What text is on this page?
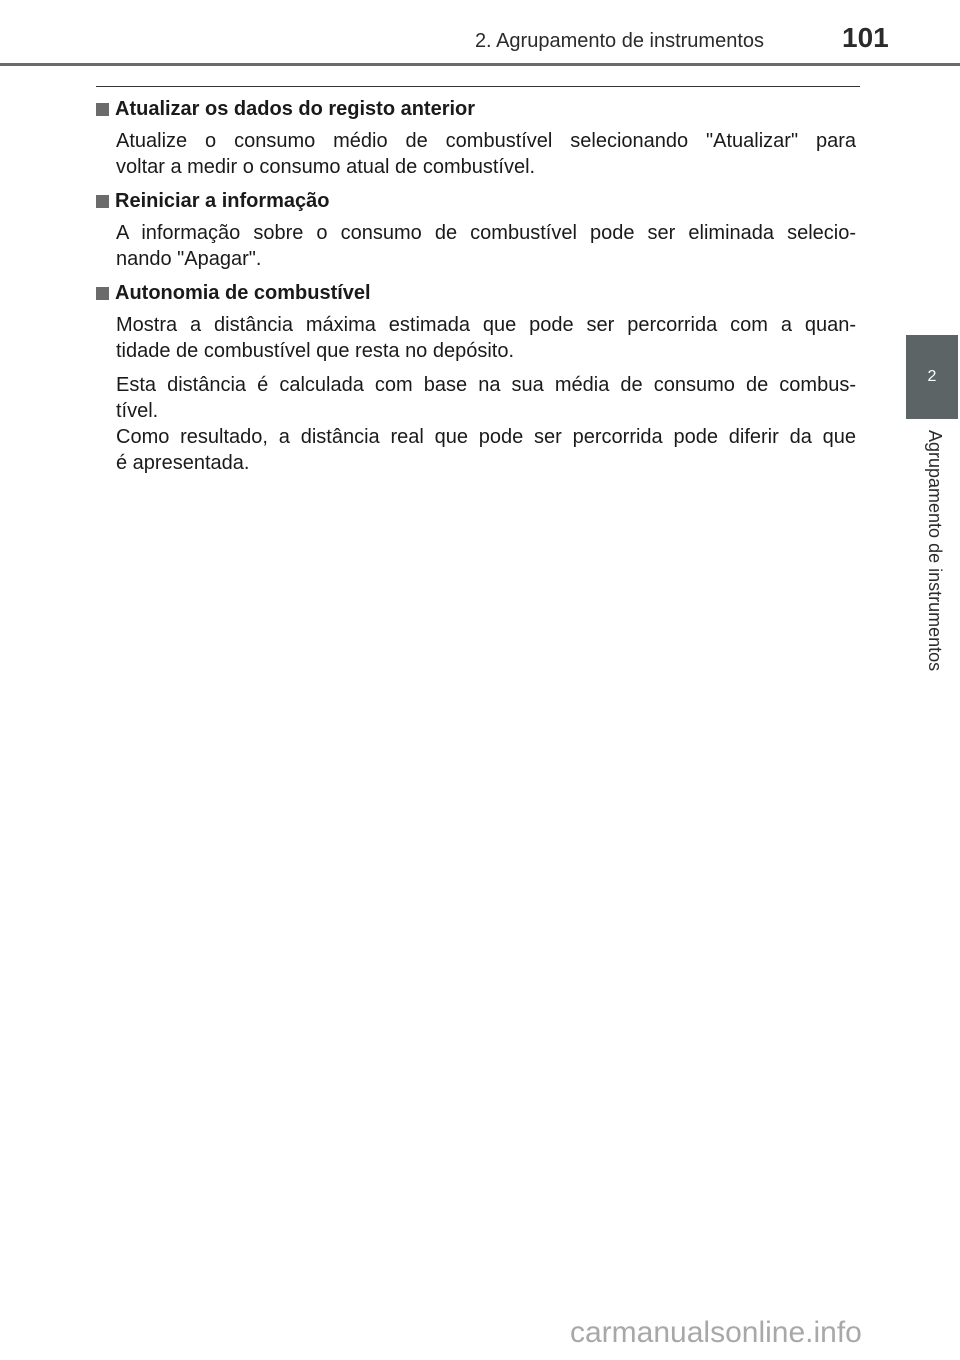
2. Agrupamento de instrumentos	101
2
Agrupamento de instrumentos
Atualizar os dados do registo anterior

Atualize o consumo médio de combustível selecionando "Atualizar" para
voltar a medir o consumo atual de combustível.

Reiniciar a informação

A informação sobre o consumo de combustível pode ser eliminada selecio-
nando "Apagar".

Autonomia de combustível

Mostra a distância máxima estimada que pode ser percorrida com a quan-
tidade de combustível que resta no depósito.

Esta distância é calculada com base na sua média de consumo de combus-
tível.
Como resultado, a distância real que pode ser percorrida pode diferir da que
é apresentada.

carmanualsonline.info
